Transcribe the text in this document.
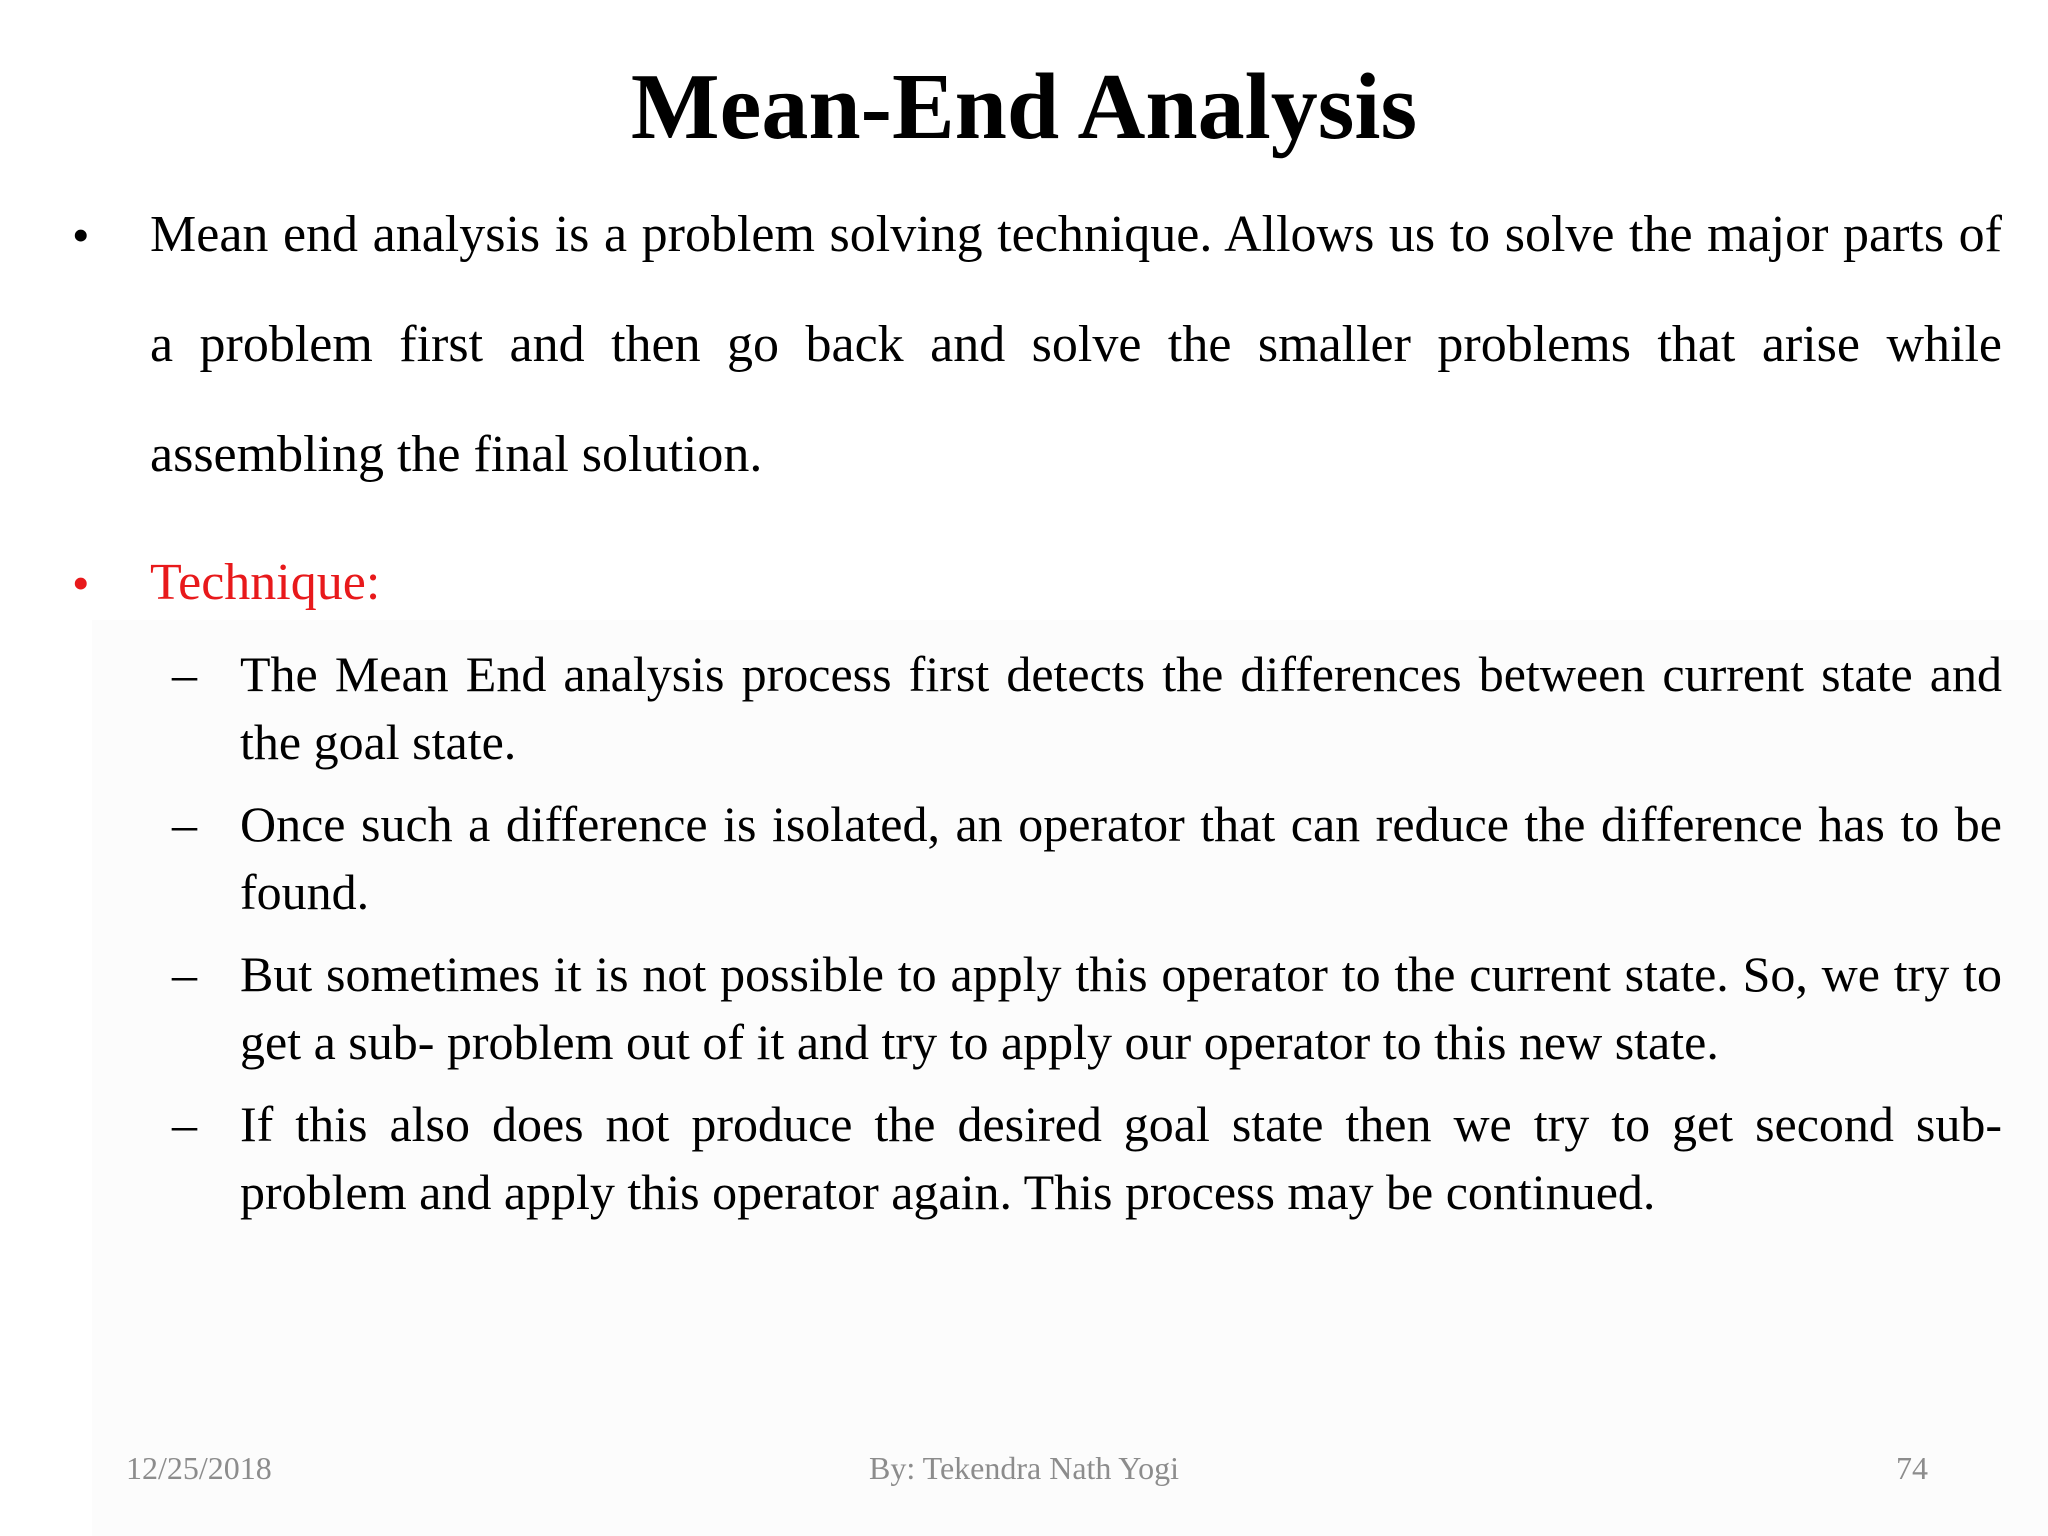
Mean-End Analysis
• Mean end analysis is a problem solving technique. Allows us to solve the major parts of a problem first and then go back and solve the smaller problems that arise while assembling the final solution.
• Technique:
– The Mean End analysis process first detects the differences between current state and the goal state.
– Once such a difference is isolated, an operator that can reduce the difference has to be found.
– But sometimes it is not possible to apply this operator to the current state. So, we try to get a sub- problem out of it and try to apply our operator to this new state.
– If this also does not produce the desired goal state then we try to get second sub-problem and apply this operator again. This process may be continued.
By: Tekendra Nath Yogi
12/25/2018	74
